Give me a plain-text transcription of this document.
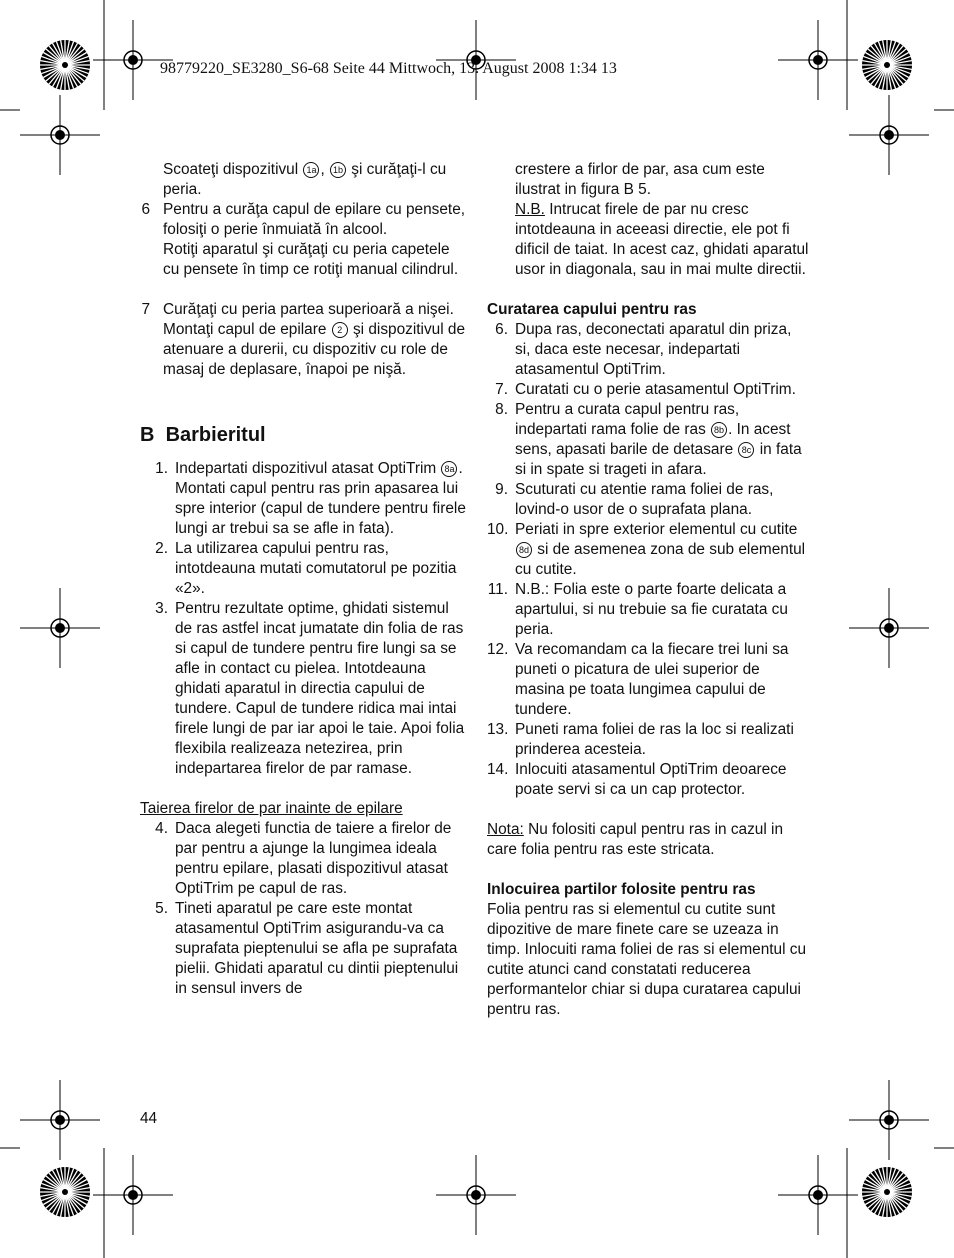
98779220_SE3280_S6-68 Seite 44 Mittwoch, 13. August 2008 1:34 13
Scoateţi dispozitivul 1a , 1b şi curăţaţi-l cu peria.
6 Pentru a curăţa capul de epilare cu pensete, folosiţi o perie înmuiată în alcool.

Rotiţi aparatul şi curăţaţi cu peria capetele cu pensete în timp ce rotiţi manual cilindrul.

7 Curăţaţi cu peria partea superioară a nişei. Montaţi capul de epilare 2 şi dispozitivul de atenuare a durerii, cu dispozitiv cu role de masaj de deplasare, înapoi pe nişă.
B Barbieritul
1. Indepartati dispozitivul atasat OptiTrim 8a . Montati capul pentru ras prin apasarea lui spre interior (capul de tundere pentru firele lungi ar trebui sa se afle in fata).
2. La utilizarea capului pentru ras, intotdeauna mutati comutatorul pe pozitia «2».
3. Pentru rezultate optime, ghidati sistemul de ras astfel incat jumatate din folia de ras si capul de tundere pentru fire lungi sa se afle in contact cu pielea. Intotdeauna ghidati aparatul in directia capului de tundere. Capul de tundere ridica mai intai firele lungi de par iar apoi le taie. Apoi folia flexibila realizeaza netezirea, prin indepartarea firelor de par ramase.

Taierea firelor de par inainte de epilare

4. Daca alegeti functia de taiere a firelor de par pentru a ajunge la lungimea ideala pentru epilare, plasati dispozitivul atasat OptiTrim pe capul de ras.
5. Tineti aparatul pe care este montat atasamentul OptiTrim asigurandu-va ca suprafata pieptenului se afla pe suprafata pielii. Ghidati aparatul cu dintii pieptenului in sensul invers de

crestere a firlor de par, asa cum este ilustrat in figura B 5.

N.B. Intrucat firele de par nu cresc intotdeauna in aceeasi directie, ele pot fi dificil de taiat. In acest caz, ghidati aparatul usor in diagonala, sau in mai multe directii.

Curatarea capului pentru ras

6. Dupa ras, deconectati aparatul din priza, si, daca este necesar, indepartati atasamentul OptiTrim.
7. Curatati cu o perie atasamentul OptiTrim.
8. Pentru a curata capul pentru ras, indepartati rama folie de ras 8b . In acest sens, apasati barile de detasare 8c in fata si in spate si trageti in afara.
9. Scuturati cu atentie rama foliei de ras, lovind-o usor de o suprafata plana.
10. Periati in spre exterior elementul cu cutite 8d si de asemenea zona de sub elementul cu cutite.
11. N.B.: Folia este o parte foarte delicata a apartului, si nu trebuie sa fie curatata cu peria.
12. Va recomandam ca la fiecare trei luni sa puneti o picatura de ulei superior de masina pe toata lungimea capului de tundere.
13. Puneti rama foliei de ras la loc si realizati prinderea acesteia.
14. Inlocuiti atasamentul OptiTrim deoarece poate servi si ca un cap protector.

Nota: Nu folositi capul pentru ras in cazul in care folia pentru ras este stricata.

Inlocuirea partilor folosite pentru ras

Folia pentru ras si elementul cu cutite sunt dipozitive de mare finete care se uzeaza in timp. Inlocuiti rama foliei de ras si elementul cu cutite atunci cand constatati reducerea performantelor chiar si dupa curatarea capului pentru ras.

44
